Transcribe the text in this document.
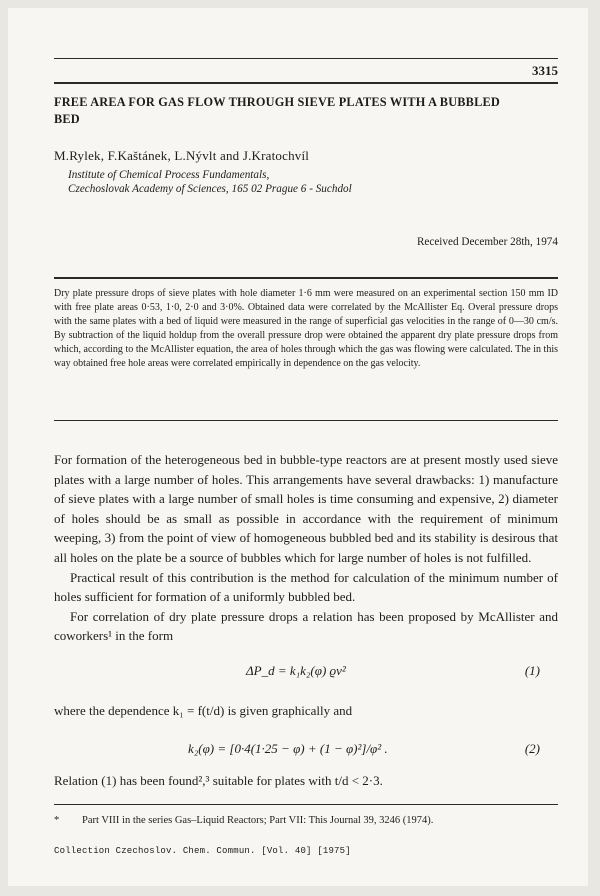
3315
FREE AREA FOR GAS FLOW THROUGH SIEVE PLATES WITH A BUBBLED BED
M.Rylek, F.Kaštánek, L.Nývlt and J.Kratochvíl
Institute of Chemical Process Fundamentals,
Czechoslovak Academy of Sciences, 165 02 Prague 6 - Suchdol
Received December 28th, 1974
Dry plate pressure drops of sieve plates with hole diameter 1·6 mm were measured on an experimental section 150 mm ID with free plate areas 0·53, 1·0, 2·0 and 3·0%. Obtained data were correlated by the McAllister Eq. Overal pressure drops with the same plates with a bed of liquid were measured in the range of superficial gas velocities in the range of 0—30 cm/s. By subtraction of the liquid holdup from the overall pressure drop were obtained the apparent dry plate pressure drops from which, according to the McAllister equation, the area of holes through which the gas was flowing were calculated. The in this way obtained free hole areas were correlated empirically in dependence on the gas velocity.

For formation of the heterogeneous bed in bubble-type reactors are at present mostly used sieve plates with a large number of holes. This arrangements have several drawbacks: 1) manufacture of sieve plates with a large number of small holes is time consuming and expensive, 2) diameter of holes should be as small as possible in accordance with the requirement of minimum weeping, 3) from the point of view of homogeneous bubbled bed and its stability is desirous that all holes on the plate be a source of bubbles which for large number of holes is not fulfilled.

Practical result of this contribution is the method for calculation of the minimum number of holes sufficient for formation of a uniformly bubbled bed.

For correlation of dry plate pressure drops a relation has been proposed by McAllister and coworkers¹ in the form

ΔP_d = k₁k₂(φ) ϱv²	(1)
where the dependence k₁ = f(t/d) is given graphically and
k₂(φ) = [0·4(1·25 − φ) + (1 − φ)²]/φ² .	(2)
Relation (1) has been found²,³ suitable for plates with t/d < 2·3.
* Part VIII in the series Gas–Liquid Reactors; Part VII: This Journal 39, 3246 (1974).
Collection Czechoslov. Chem. Commun. [Vol. 40] [1975]
